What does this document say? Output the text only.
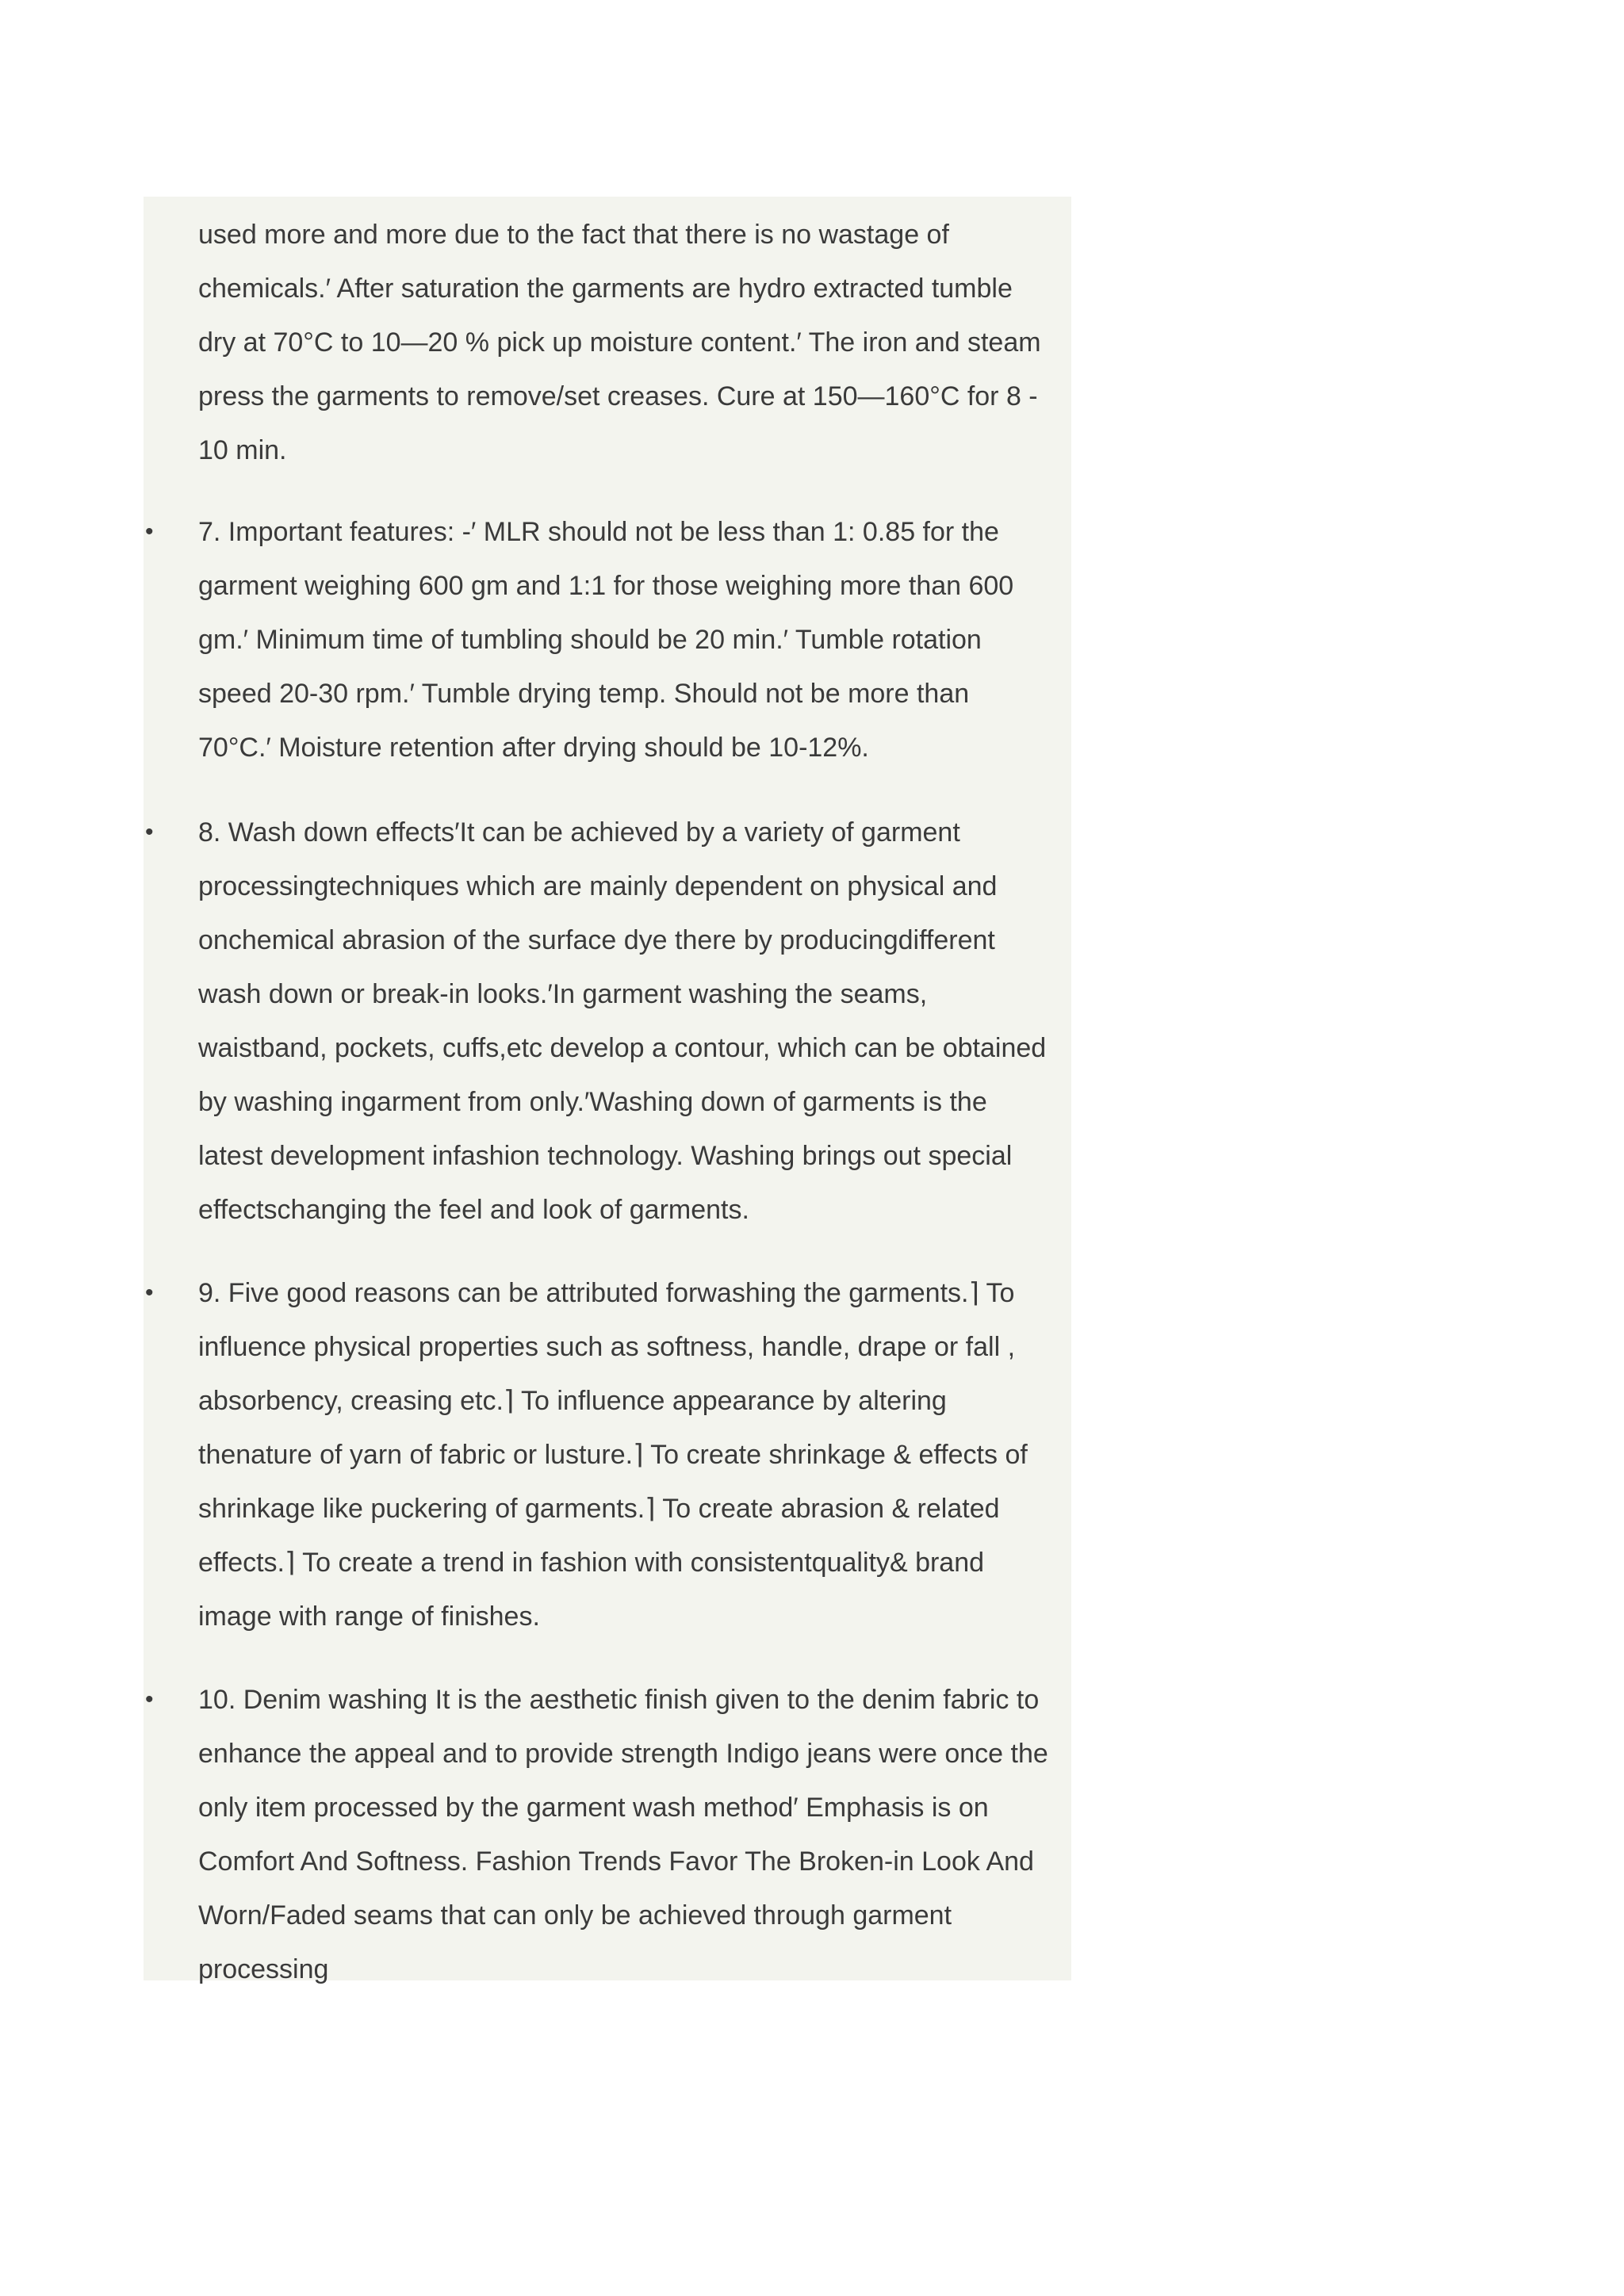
used more and more due to the fact that there is no wastage of
chemicals.′ After saturation the garments are hydro extracted tumble
dry at 70°C to 10—20 % pick up moisture content.′ The iron and steam
press the garments to remove/set creases. Cure at 150—160°C for 8 -
10 min.
• 7. Important features: -′ MLR should not be less than 1: 0.85 for the
garment weighing 600 gm and 1:1 for those weighing more than 600
gm.′ Minimum time of tumbling should be 20 min.′ Tumble rotation
speed 20-30 rpm.′ Tumble drying temp. Should not be more than
70°C.′ Moisture retention after drying should be 10-12%.
• 8. Wash down effects′It can be achieved by a variety of garment
processingtechniques which are mainly dependent on physical and
onchemical abrasion of the surface dye there by producingdifferent
wash down or break-in looks.′In garment washing the seams,
waistband, pockets, cuffs,etc develop a contour, which can be obtained
by washing ingarment from only.′Washing down of garments is the
latest development infashion technology. Washing brings out special
effectschanging the feel and look of garments.
• 9. Five good reasons can be attributed forwashing the garments.⌉ To
influence physical properties such as softness, handle, drape or fall ,
absorbency, creasing etc.⌉ To influence appearance by altering
thenature of yarn of fabric or lusture.⌉ To create shrinkage & effects of
shrinkage like puckering of garments.⌉ To create abrasion & related
effects.⌉ To create a trend in fashion with consistentquality& brand
image with range of finishes.
• 10. Denim washing It is the aesthetic finish given to the denim fabric to
enhance the appeal and to provide strength Indigo jeans were once the
only item processed by the garment wash method′ Emphasis is on
Comfort And Softness. Fashion Trends Favor The Broken-in Look And
Worn/Faded seams that can only be achieved through garment
processing
